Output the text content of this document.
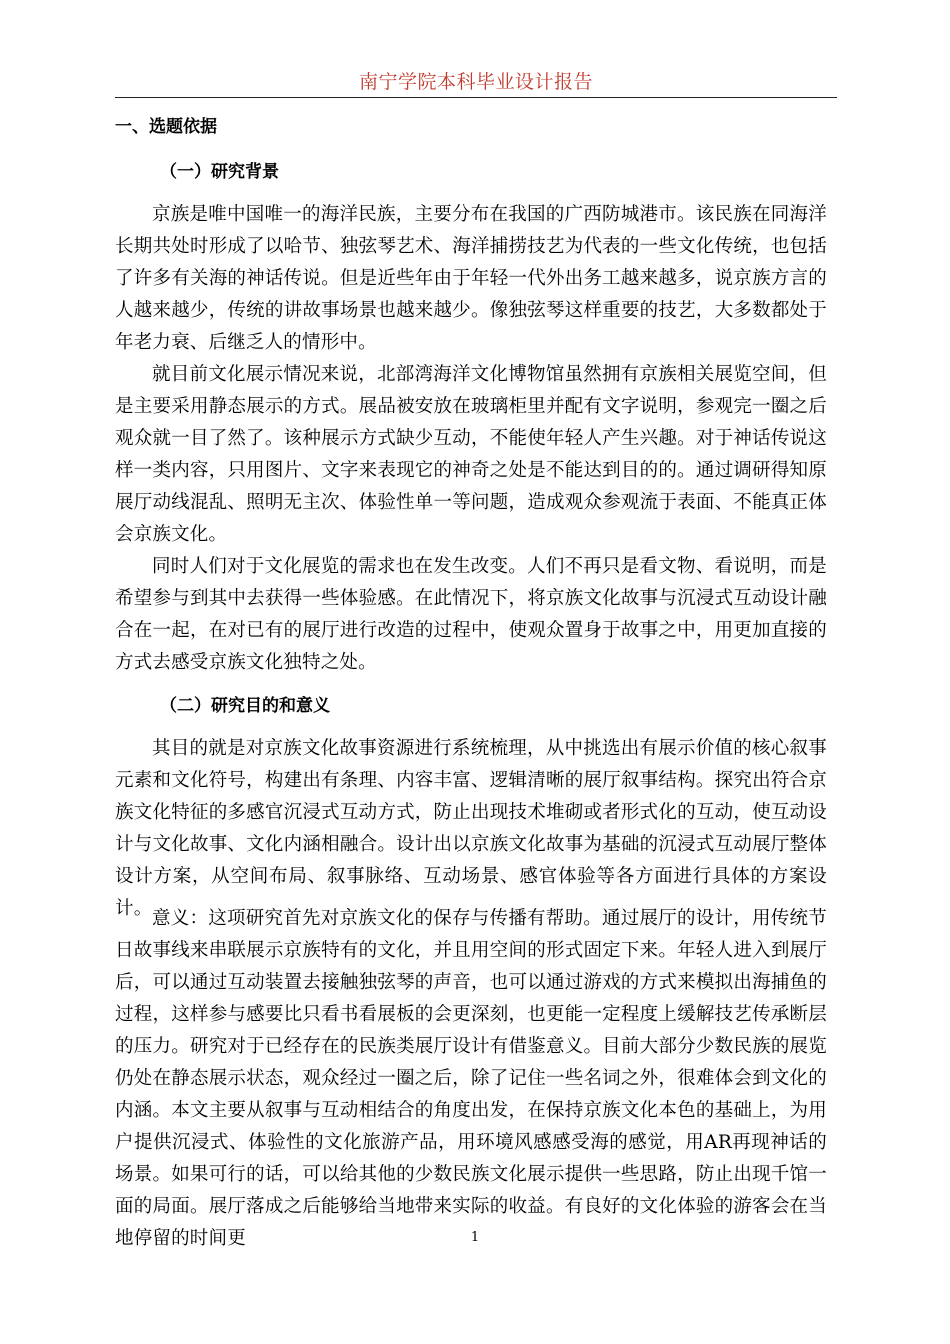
南宁学院本科毕业设计报告
一、选题依据
（一）研究背景

京族是唯中国唯一的海洋民族，主要分布在我国的广西防城港市。该民族在同海洋长期共处时形成了以哈节、独弦琴艺术、海洋捕捞技艺为代表的一些文化传统，也包括了许多有关海的神话传说。但是近些年由于年轻一代外出务工越来越多，说京族方言的人越来越少，传统的讲故事场景也越来越少。像独弦琴这样重要的技艺，大多数都处于年老力衰、后继乏人的情形中。

就目前文化展示情况来说，北部湾海洋文化博物馆虽然拥有京族相关展览空间，但是主要采用静态展示的方式。展品被安放在玻璃柜里并配有文字说明，参观完一圈之后观众就一目了然了。该种展示方式缺少互动，不能使年轻人产生兴趣。对于神话传说这样一类内容，只用图片、文字来表现它的神奇之处是不能达到目的的。通过调研得知原展厅动线混乱、照明无主次、体验性单一等问题，造成观众参观流于表面、不能真正体会京族文化。

同时人们对于文化展览的需求也在发生改变。人们不再只是看文物、看说明，而是希望参与到其中去获得一些体验感。在此情况下，将京族文化故事与沉浸式互动设计融合在一起，在对已有的展厅进行改造的过程中，使观众置身于故事之中，用更加直接的方式去感受京族文化独特之处。

（二）研究目的和意义

其目的就是对京族文化故事资源进行系统梳理，从中挑选出有展示价值的核心叙事元素和文化符号，构建出有条理、内容丰富、逻辑清晰的展厅叙事结构。探究出符合京族文化特征的多感官沉浸式互动方式，防止出现技术堆砌或者形式化的互动，使互动设计与文化故事、文化内涵相融合。设计出以京族文化故事为基础的沉浸式互动展厅整体设计方案，从空间布局、叙事脉络、互动场景、感官体验等各方面进行具体的方案设计。 意义：这项研究首先对京族文化的保存与传播有帮助。通过展厅的设计，用传统节日故事线来串联展示京族特有的文化，并且用空间的形式固定下来。年轻人进入到展厅后，可以通过互动装置去接触独弦琴的声音，也可以通过游戏的方式来模拟出海捕鱼的过程，这样参与感要比只看书看展板的会更深刻，也更能一定程度上缓解技艺传承断层的压力。研究对于已经存在的民族类展厅设计有借鉴意义。目前大部分少数民族的展览仍处在静态展示状态，观众经过一圈之后，除了记住一些名词之外，很难体会到文化的内涵。本文主要从叙事与互动相结合的角度出发，在保持京族文化本色的基础上，为用户提供沉浸式、体验性的文化旅游产品，用环境风感感受海的感觉，用AR再现神话的场景。如果可行的话，可以给其他的少数民族文化展示提供一些思路，防止出现千馆一面的局面。展厅落成之后能够给当地带来实际的收益。有良好的文化体验的游客会在当地停留的时间更	1
